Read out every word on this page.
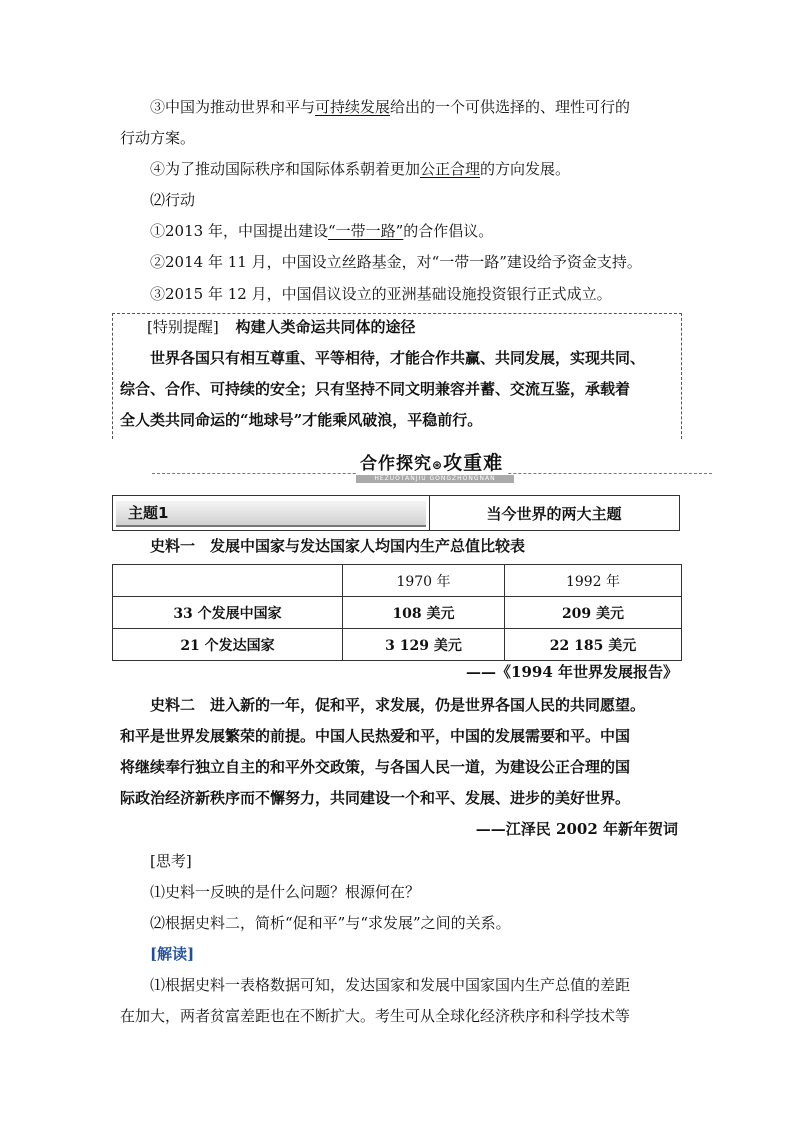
③中国为推动世界和平与可持续发展给出的一个可供选择的、理性可行的
行动方案。
④为了推动国际秩序和国际体系朝着更加公正合理的方向发展。
⑵行动
①2013 年，中国提出建设“一带一路”的合作倡议。
②2014 年 11 月，中国设立丝路基金，对“一带一路”建设给予资金支持。
③2015 年 12 月，中国倡议设立的亚洲基础设施投资银行正式成立。
[特别提醒] 构建人类命运共同体的途径
世界各国只有相互尊重、平等相待，才能合作共赢、共同发展，实现共同、
综合、合作、可持续的安全；只有坚持不同文明兼容并蓄、交流互鉴，承载着
全人类共同命运的“地球号”才能乘风破浪，平稳前行。
合作探究⊛攻重难
HEZUOTANJIU GONGZHONGNAN
主题1	当今世界的两大主题
史料一　发展中国家与发达国家人均国内生产总值比较表
	1970 年	1992 年
33 个发展中国家	108 美元	209 美元
21 个发达国家	3 129 美元	22 185 美元
——《1994 年世界发展报告》
史料二　进入新的一年，促和平，求发展，仍是世界各国人民的共同愿望。
和平是世界发展繁荣的前提。中国人民热爱和平，中国的发展需要和平。中国
将继续奉行独立自主的和平外交政策，与各国人民一道，为建设公正合理的国
际政治经济新秩序而不懈努力，共同建设一个和平、发展、进步的美好世界。
——江泽民 2002 年新年贺词
[思考]
⑴史料一反映的是什么问题？根源何在？
⑵根据史料二，简析“促和平”与“求发展”之间的关系。
[解读]
⑴根据史料一表格数据可知，发达国家和发展中国家国内生产总值的差距
在加大，两者贫富差距也在不断扩大。考生可从全球化经济秩序和科学技术等
